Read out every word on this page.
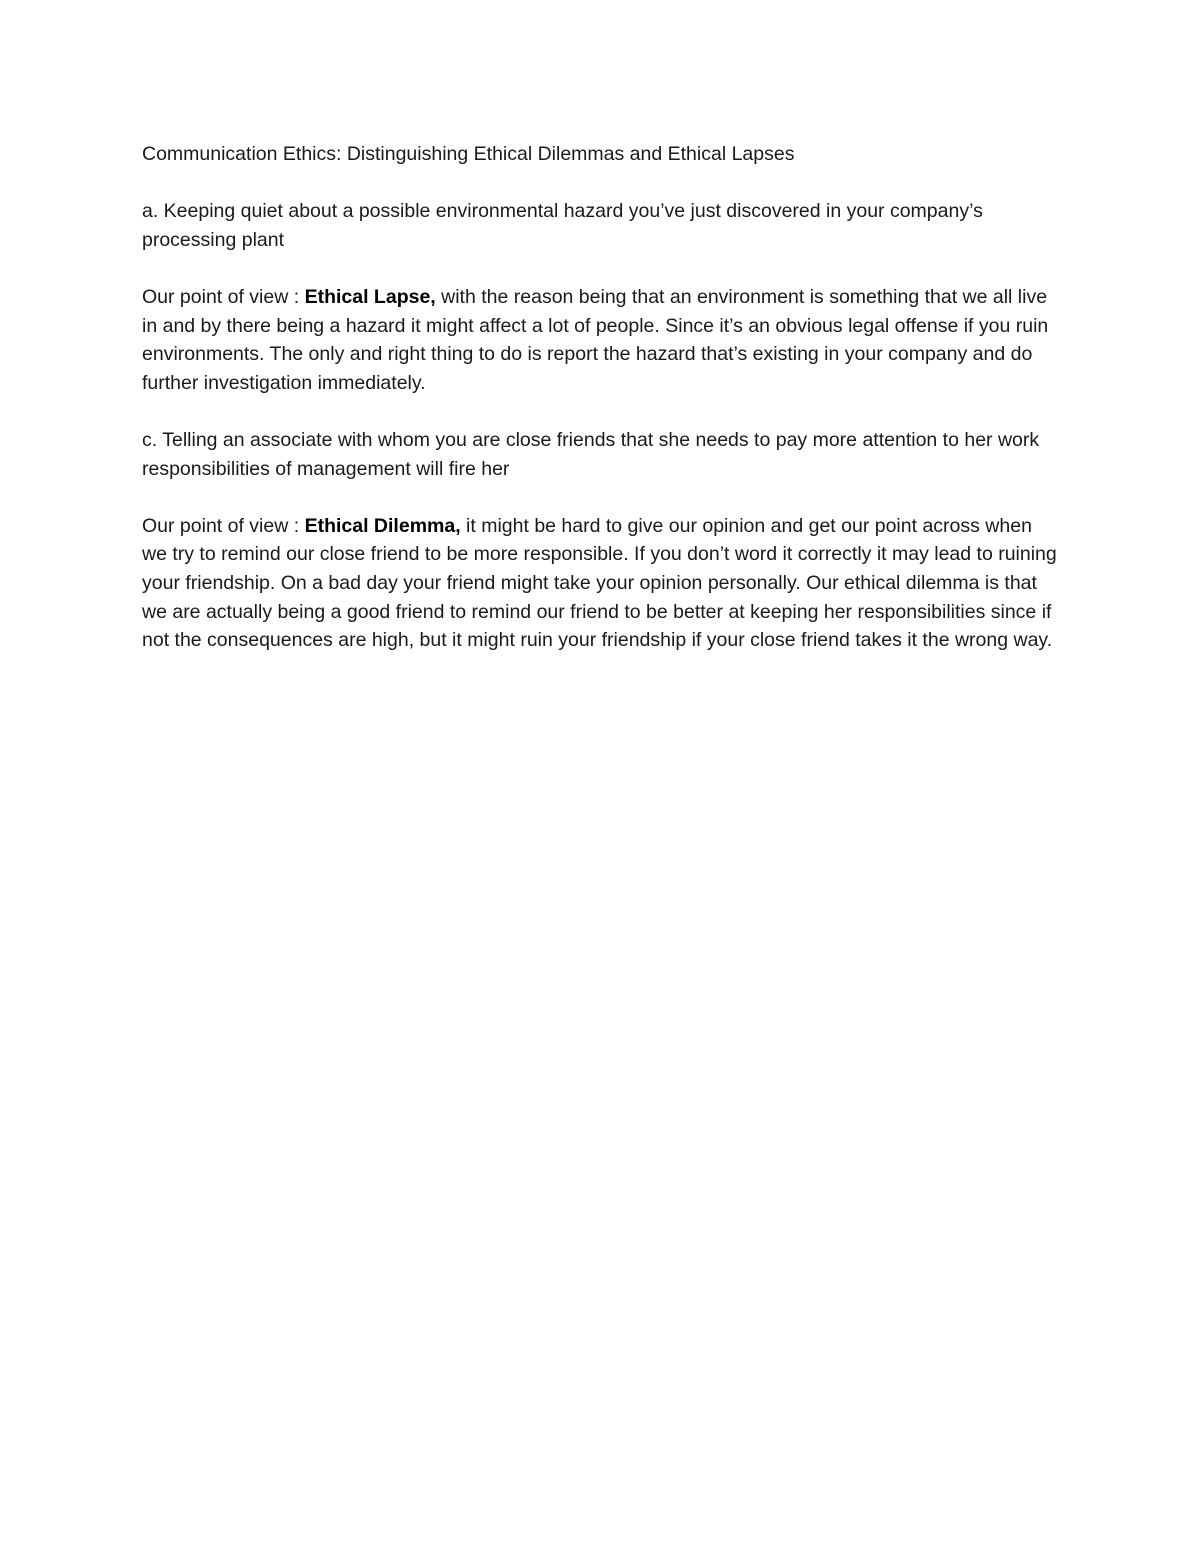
Communication Ethics: Distinguishing Ethical Dilemmas and Ethical Lapses

a. Keeping quiet about a possible environmental hazard you’ve just discovered in your company’s processing plant

Our point of view : Ethical Lapse, with the reason being that an environment is something that we all live in and by there being a hazard it might affect a lot of people. Since it’s an obvious legal offense if you ruin environments. The only and right thing to do is report the hazard that’s existing in your company and do further investigation immediately.

c. Telling an associate with whom you are close friends that she needs to pay more attention to her work responsibilities of management will fire her

Our point of view : Ethical Dilemma, it might be hard to give our opinion and get our point across when we try to remind our close friend to be more responsible. If you don’t word it correctly it may lead to ruining your friendship. On a bad day your friend might take your opinion personally. Our ethical dilemma is that we are actually being a good friend to remind our friend to be better at keeping her responsibilities since if not the consequences are high, but it might ruin your friendship if your close friend takes it the wrong way.
